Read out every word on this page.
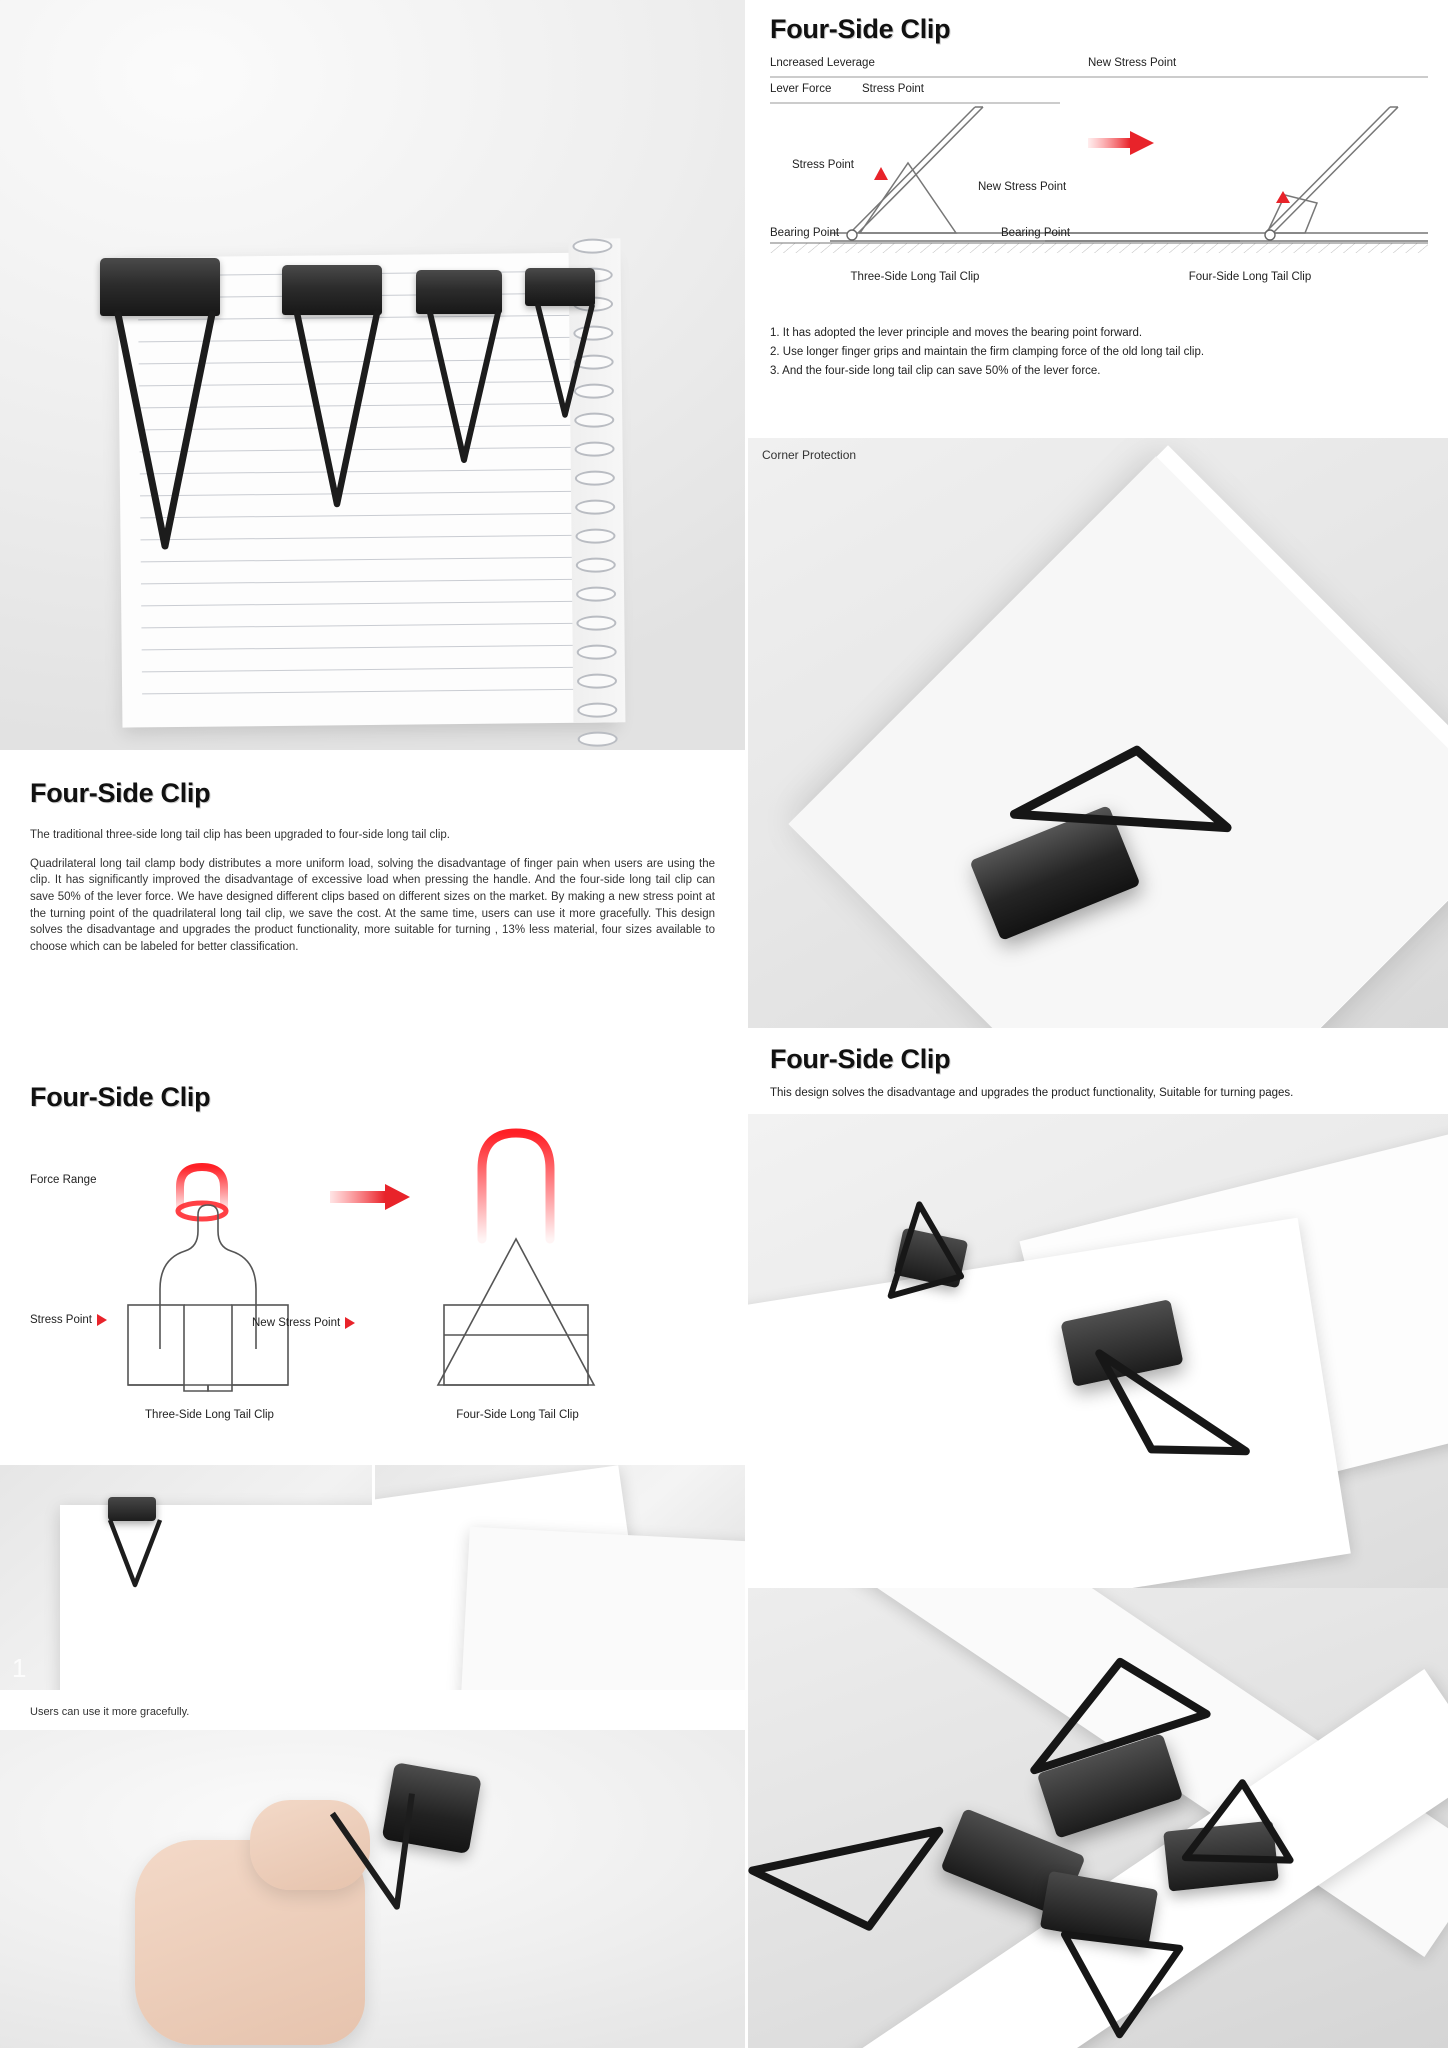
Four-Side Clip

The traditional three-side long tail clip has been upgraded to four-side long tail clip.

Quadrilateral long tail clamp body distributes a more uniform load, solving the disadvantage of finger pain when users are using the clip. It has significantly improved the disadvantage of excessive load when pressing the handle. And the four-side long tail clip can save 50% of the lever force. We have designed different clips based on different sizes on the market. By making a new stress point at the turning point of the quadrilateral long tail clip, we save the cost. At the same time, users can use it more gracefully. This design solves the disadvantage and upgrades the product functionality, more suitable for turning , 13% less material, four sizes available to choose which can be labeled for better classification.

Four-Side Clip
Force Range
Stress Point	New Stress Point
Three-Side Long Tail Clip	Four-Side Long Tail Clip
1	2
Users can use it more gracefully.
Four-Side Clip
Lncreased Leverage	New Stress Point
Lever Force	Stress Point
Stress Point
New Stress Point
Bearing Point	Bearing Point
Three-Side Long Tail Clip	Four-Side Long Tail Clip
1. It has adopted the lever principle and moves the bearing point forward.
2. Use longer finger grips and maintain the firm clamping force of the old long tail clip.
3. And the four-side long tail clip can save 50% of the lever force.
Corner Protection
Four-Side Clip

This design solves the disadvantage and upgrades the product functionality, Suitable for turning pages.
